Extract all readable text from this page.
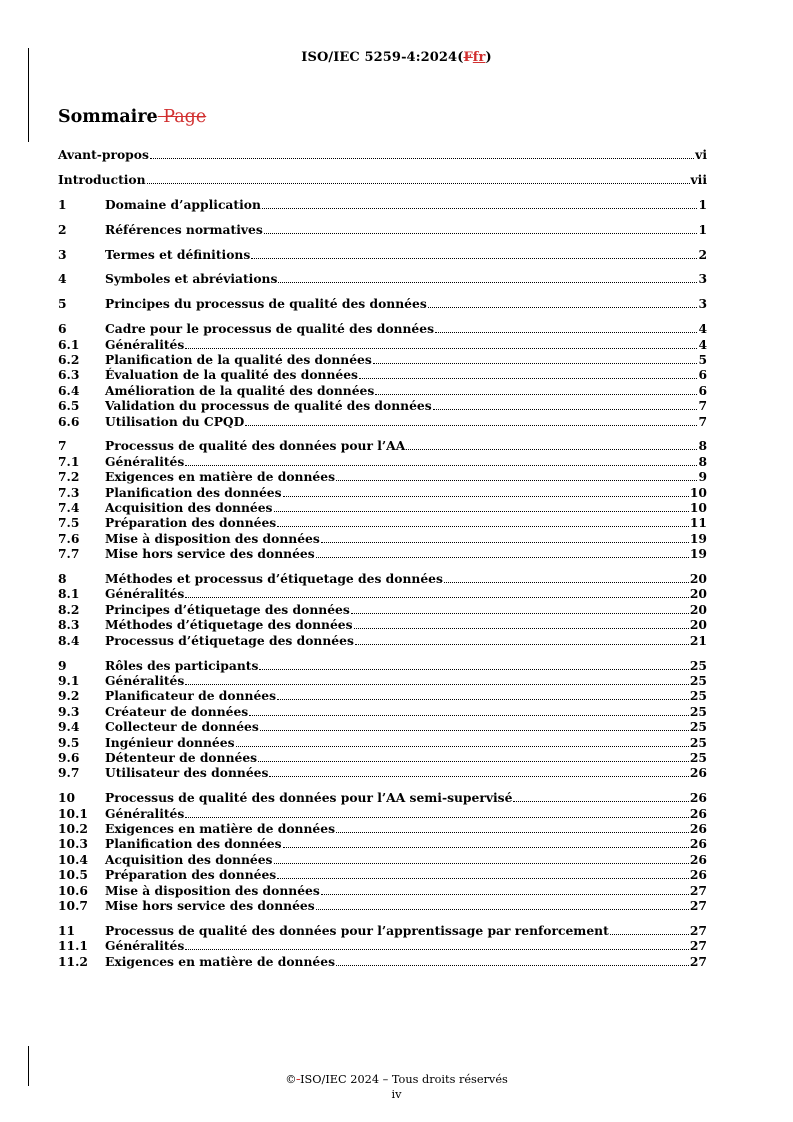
ISO/IEC 5259-4:2024(Ffr)
Sommaire Page
Avant-propos	vi
Introduction	vii
1	Domaine d’application	1
2	Références normatives	1
3	Termes et définitions	2
4	Symboles et abréviations	3
5	Principes du processus de qualité des données	3
6	Cadre pour le processus de qualité des données	4
6.1	Généralités	4
6.2	Planification de la qualité des données	5
6.3	Évaluation de la qualité des données	6
6.4	Amélioration de la qualité des données	6
6.5	Validation du processus de qualité des données	7
6.6	Utilisation du CPQD	7
7	Processus de qualité des données pour l’AA	8
7.1	Généralités	8
7.2	Exigences en matière de données	9
7.3	Planification des données	10
7.4	Acquisition des données	10
7.5	Préparation des données	11
7.6	Mise à disposition des données	19
7.7	Mise hors service des données	19
8	Méthodes et processus d’étiquetage des données	20
8.1	Généralités	20
8.2	Principes d’étiquetage des données	20
8.3	Méthodes d’étiquetage des données	20
8.4	Processus d’étiquetage des données	21
9	Rôles des participants	25
9.1	Généralités	25
9.2	Planificateur de données	25
9.3	Créateur de données	25
9.4	Collecteur de données	25
9.5	Ingénieur données	25
9.6	Détenteur de données	25
9.7	Utilisateur des données	26
10	Processus de qualité des données pour l’AA semi-supervisé	26
10.1	Généralités	26
10.2	Exigences en matière de données	26
10.3	Planification des données	26
10.4	Acquisition des données	26
10.5	Préparation des données	26
10.6	Mise à disposition des données	27
10.7	Mise hors service des données	27
11	Processus de qualité des données pour l’apprentissage par renforcement	27
11.1	Généralités	27
11.2	Exigences en matière de données	27
© ISO/IEC 2024 – Tous droits réservés
iv
